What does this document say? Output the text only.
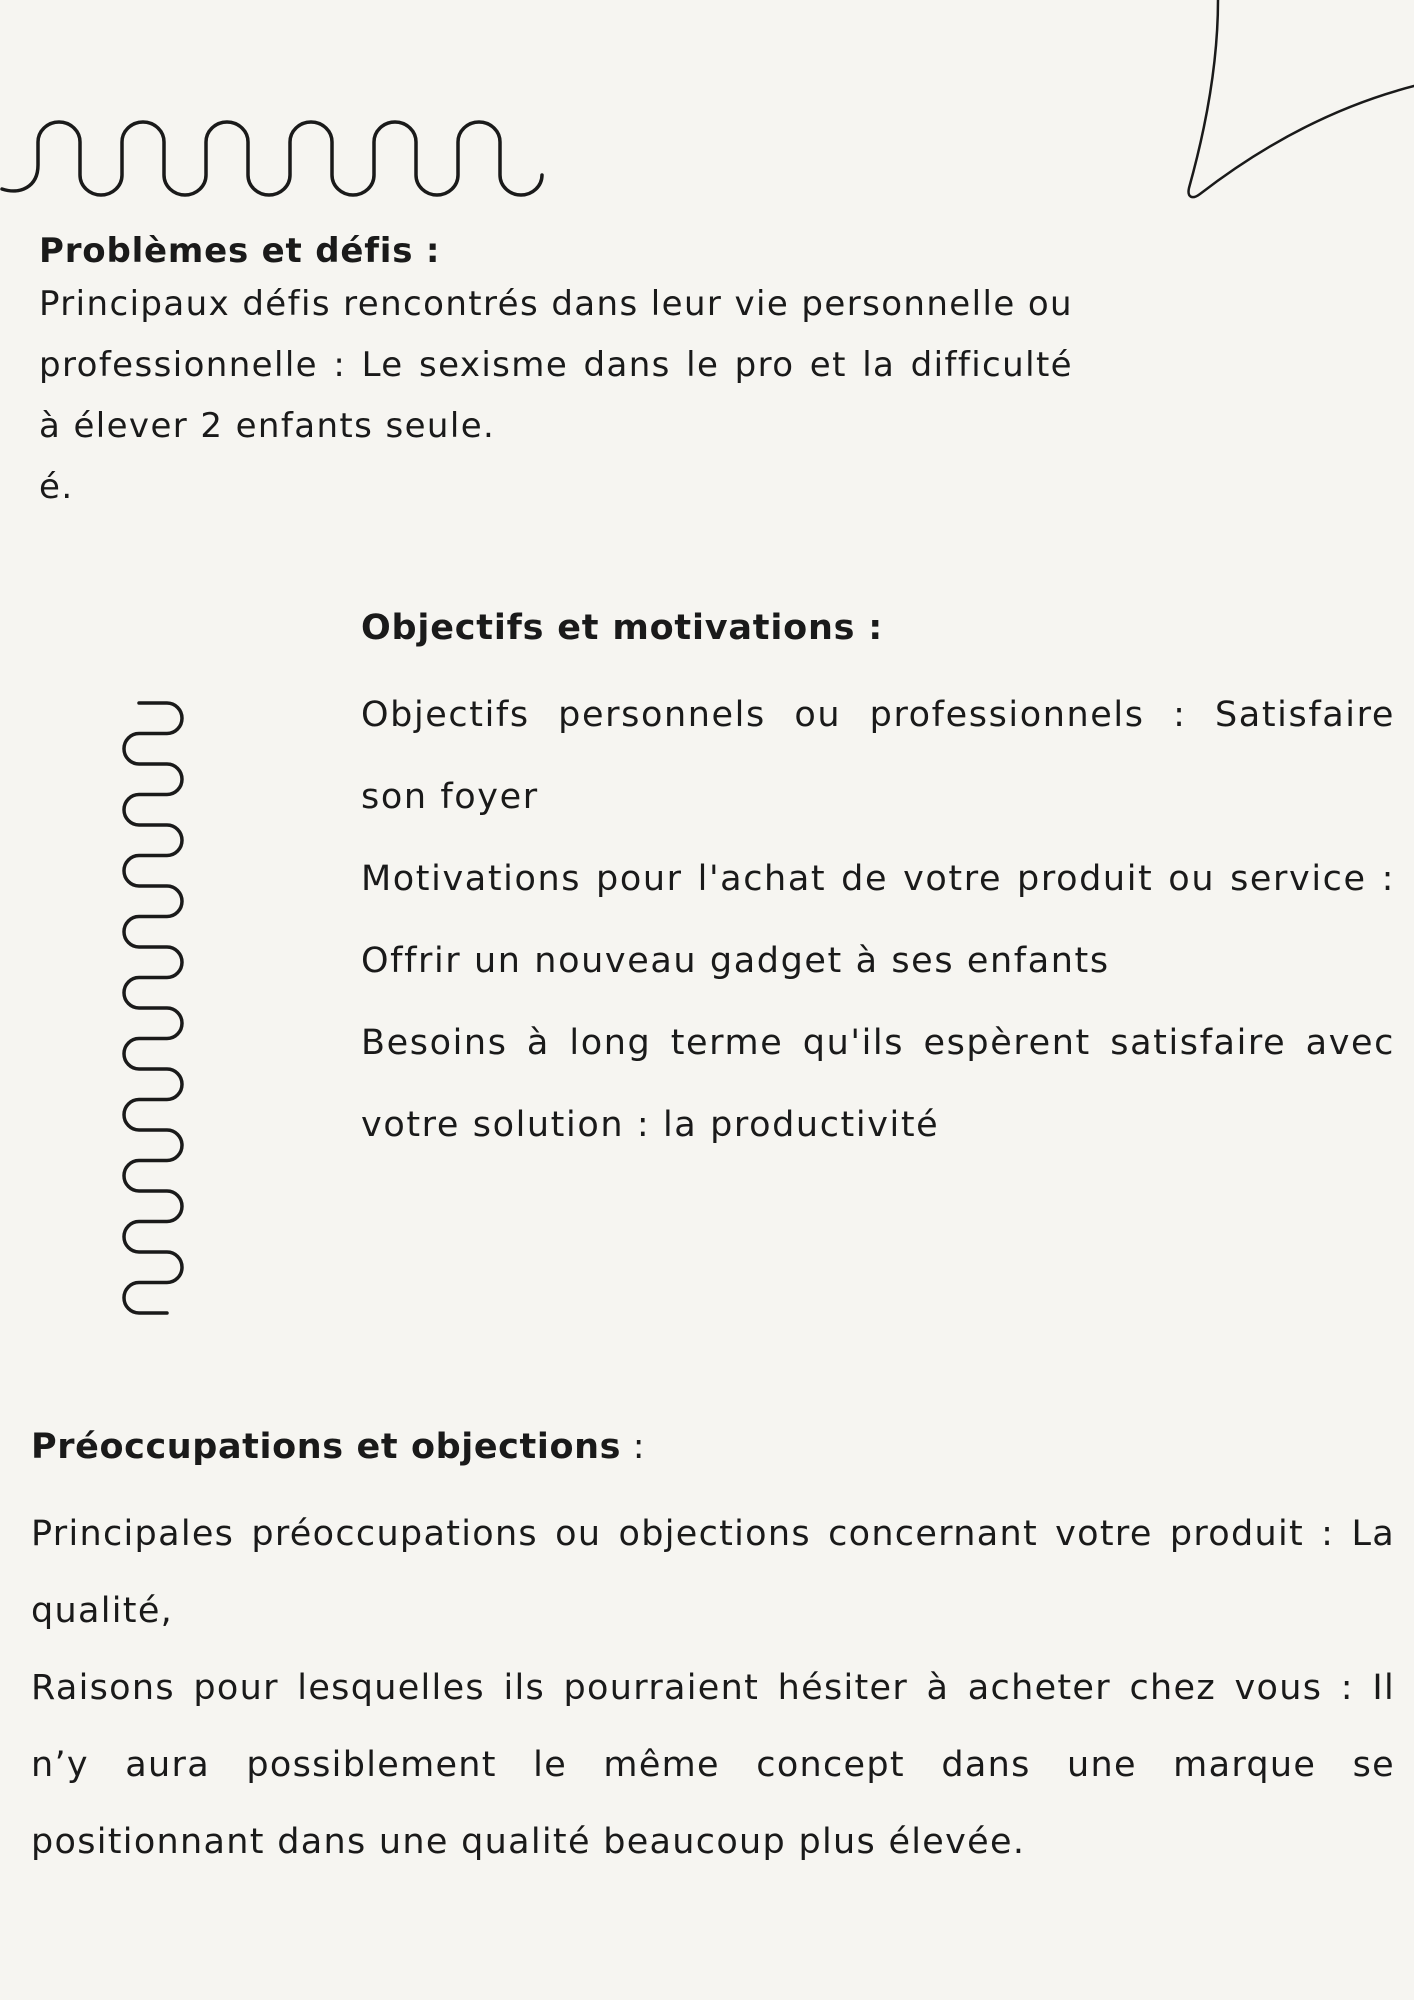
Problèmes et défis :

Principaux défis rencontrés dans leur vie personnelle ou professionnelle : Le sexisme dans le pro et la difficulté à élever 2 enfants seule.

é.

Objectifs et motivations :

Objectifs personnels ou professionnels : Satisfaire son foyer

Motivations pour l'achat de votre produit ou service : Offrir un nouveau gadget à ses enfants

Besoins à long terme qu'ils espèrent satisfaire avec votre solution : la productivité

Préoccupations et objections :

Principales préoccupations ou objections concernant votre produit : La qualité,

Raisons pour lesquelles ils pourraient hésiter à acheter chez vous : Il n’y aura possiblement le même concept dans une marque se positionnant dans une qualité beaucoup plus élevée.
